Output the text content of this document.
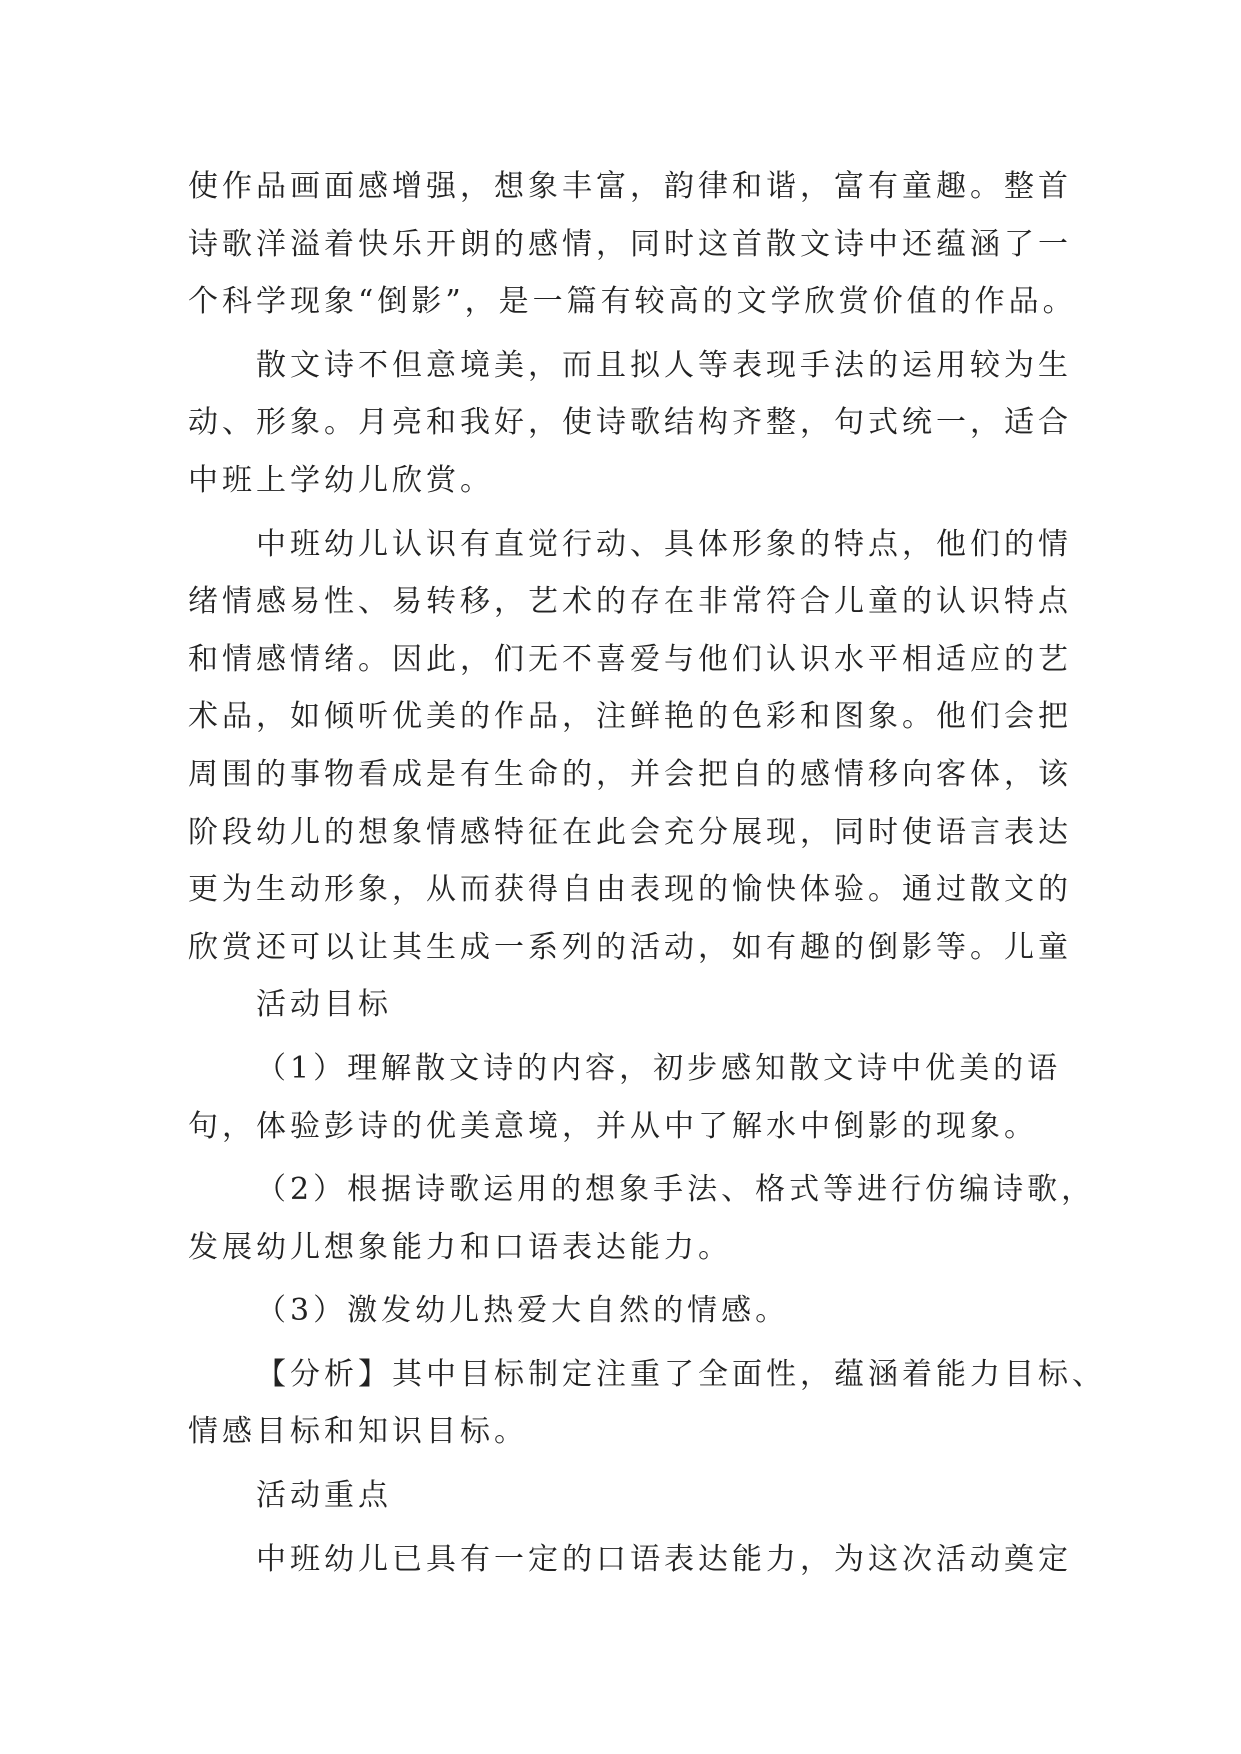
使作品画面感增强，想象丰富，韵律和谐，富有童趣。整首
诗歌洋溢着快乐开朗的感情，同时这首散文诗中还蕴涵了一
个科学现象“倒影”，是一篇有较高的文学欣赏价值的作品。
散文诗不但意境美，而且拟人等表现手法的运用较为生
动、形象。月亮和我好，使诗歌结构齐整，句式统一，适合
中班上学幼儿欣赏。
中班幼儿认识有直觉行动、具体形象的特点，他们的情
绪情感易性、易转移，艺术的存在非常符合儿童的认识特点
和情感情绪。因此，们无不喜爱与他们认识水平相适应的艺
术品，如倾听优美的作品，注鲜艳的色彩和图象。他们会把
周围的事物看成是有生命的，并会把自的感情移向客体，该
阶段幼儿的想象情感特征在此会充分展现，同时使语言表达
更为生动形象，从而获得自由表现的愉快体验。通过散文的
欣赏还可以让其生成一系列的活动，如有趣的倒影等。儿童
活动目标
（1）理解散文诗的内容，初步感知散文诗中优美的语
句，体验彭诗的优美意境，并从中了解水中倒影的现象。
（2）根据诗歌运用的想象手法、格式等进行仿编诗歌，
发展幼儿想象能力和口语表达能力。
（3）激发幼儿热爱大自然的情感。
【分析】其中目标制定注重了全面性，蕴涵着能力目标、
情感目标和知识目标。
活动重点
中班幼儿已具有一定的口语表达能力，为这次活动奠定
